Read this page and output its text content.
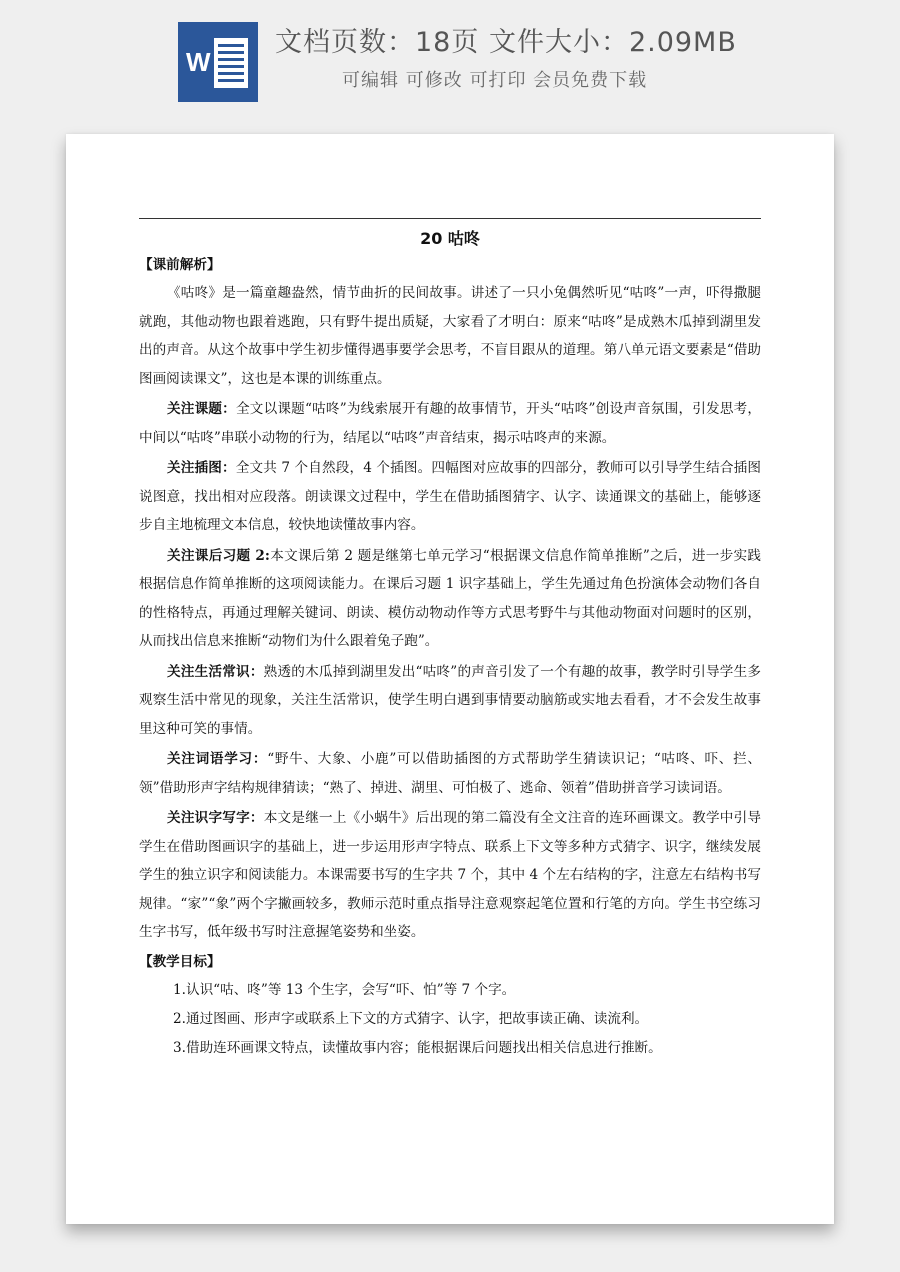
W
文档页数：18页 文件大小：2.09MB
可编辑 可修改 可打印 会员免费下载
20 咕咚

【课前解析】

《咕咚》是一篇童趣盎然，情节曲折的民间故事。讲述了一只小兔偶然听见“咕咚”一声，吓得撒腿就跑，其他动物也跟着逃跑，只有野牛提出质疑，大家看了才明白：原来“咕咚”是成熟木瓜掉到湖里发出的声音。从这个故事中学生初步懂得遇事要学会思考，不盲目跟从的道理。第八单元语文要素是“借助图画阅读课文”，这也是本课的训练重点。

关注课题：全文以课题“咕咚”为线索展开有趣的故事情节，开头“咕咚”创设声音氛围，引发思考，中间以“咕咚”串联小动物的行为，结尾以“咕咚”声音结束，揭示咕咚声的来源。

关注插图：全文共 7 个自然段，4 个插图。四幅图对应故事的四部分，教师可以引导学生结合插图说图意，找出相对应段落。朗读课文过程中，学生在借助插图猜字、认字、读通课文的基础上，能够逐步自主地梳理文本信息，较快地读懂故事内容。

关注课后习题 2:本文课后第 2 题是继第七单元学习“根据课文信息作简单推断”之后，进一步实践根据信息作简单推断的这项阅读能力。在课后习题 1 识字基础上，学生先通过角色扮演体会动物们各自的性格特点，再通过理解关键词、朗读、模仿动物动作等方式思考野牛与其他动物面对问题时的区别，从而找出信息来推断“动物们为什么跟着兔子跑”。

关注生活常识：熟透的木瓜掉到湖里发出“咕咚”的声音引发了一个有趣的故事，教学时引导学生多观察生活中常见的现象，关注生活常识，使学生明白遇到事情要动脑筋或实地去看看，才不会发生故事里这种可笑的事情。

关注词语学习：“野牛、大象、小鹿”可以借助插图的方式帮助学生猜读识记；“咕咚、吓、拦、领”借助形声字结构规律猜读；“熟了、掉进、湖里、可怕极了、逃命、领着”借助拼音学习读词语。

关注识字写字：本文是继一上《小蜗牛》后出现的第二篇没有全文注音的连环画课文。教学中引导学生在借助图画识字的基础上，进一步运用形声字特点、联系上下文等多种方式猜字、识字，继续发展学生的独立识字和阅读能力。本课需要书写的生字共 7 个，其中 4 个左右结构的字，注意左右结构书写规律。“家”“象”两个字撇画较多，教师示范时重点指导注意观察起笔位置和行笔的方向。学生书空练习生字书写，低年级书写时注意握笔姿势和坐姿。

【教学目标】

1.认识“咕、咚”等 13 个生字，会写“吓、怕”等 7 个字。

2.通过图画、形声字或联系上下文的方式猜字、认字，把故事读正确、读流利。

3.借助连环画课文特点，读懂故事内容；能根据课后问题找出相关信息进行推断。
